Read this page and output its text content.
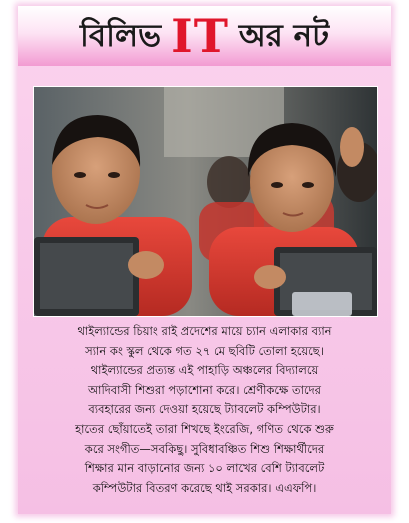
বিলিভ IT অর নট
থাইল্যান্ডের চিয়াং রাই প্রদেশের মায়ে চ্যান এলাকার ব্যান
স্যান কং স্কুল থেকে গত ২৭ মে ছবিটি তোলা হয়েছে।
থাইল্যান্ডের প্রত্যন্ত এই পাহাড়ি অঞ্চলের বিদ্যালয়ে
আদিবাসী শিশুরা পড়াশোনা করে। শ্রেণীকক্ষে তাদের
ব্যবহারের জন্য দেওয়া হয়েছে ট্যাবলেট কম্পিউটার।
হাতের ছোঁয়াতেই তারা শিখছে ইংরেজি, গণিত থেকে শুরু
করে সংগীত—সবকিছু। সুবিধাবঞ্চিত শিশু শিক্ষার্থীদের
শিক্ষার মান বাড়ানোর জন্য ১০ লাখের বেশি ট্যাবলেট
কম্পিউটার বিতরণ করেছে থাই সরকার। এএফপি।
